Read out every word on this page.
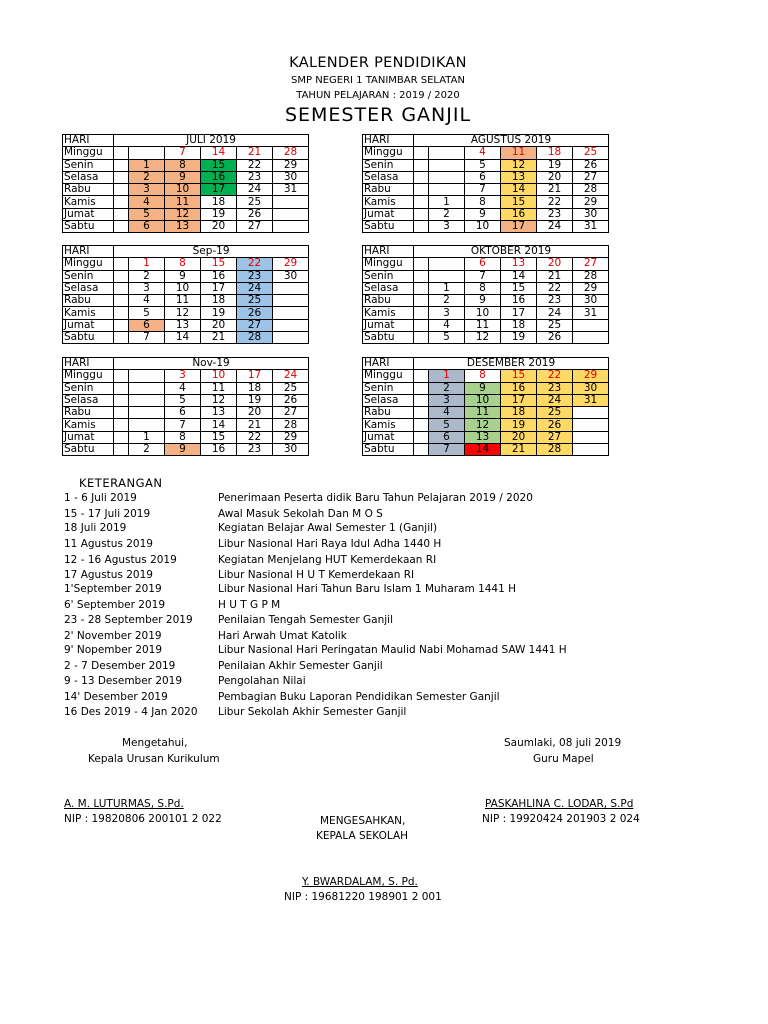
KALENDER PENDIDIKAN
SMP NEGERI 1 TANIMBAR SELATAN
TAHUN PELAJARAN : 2019 / 2020
SEMESTER GANJIL
HARI	JULI 2019					
Minggu			7	14	21	28
Senin		1	8	15	22	29
Selasa		2	9	16	23	30
Rabu		3	10	17	24	31
Kamis		4	11	18	25	
Jumat		5	12	19	26	
Sabtu		6	13	20	27	
HARI	AGUSTUS 2019					
Minggu			4	11	18	25
Senin			5	12	19	26
Selasa			6	13	20	27
Rabu			7	14	21	28
Kamis		1	8	15	22	29
Jumat		2	9	16	23	30
Sabtu		3	10	17	24	31
HARI	Sep-19					
Minggu		1	8	15	22	29
Senin		2	9	16	23	30
Selasa		3	10	17	24	
Rabu		4	11	18	25	
Kamis		5	12	19	26	
Jumat		6	13	20	27	
Sabtu		7	14	21	28	
HARI	OKTOBER 2019					
Minggu			6	13	20	27
Senin			7	14	21	28
Selasa		1	8	15	22	29
Rabu		2	9	16	23	30
Kamis		3	10	17	24	31
Jumat		4	11	18	25	
Sabtu		5	12	19	26	
HARI	Nov-19					
Minggu			3	10	17	24
Senin			4	11	18	25
Selasa			5	12	19	26
Rabu			6	13	20	27
Kamis			7	14	21	28
Jumat		1	8	15	22	29
Sabtu		2	9	16	23	30
HARI	DESEMBER 2019					
Minggu		1	8	15	22	29
Senin		2	9	16	23	30
Selasa		3	10	17	24	31
Rabu		4	11	18	25	
Kamis		5	12	19	26	
Jumat		6	13	20	27	
Sabtu		7	14	21	28	
KETERANGAN
1 - 6 Juli 2019	Penerimaan Peserta didik Baru Tahun Pelajaran 2019 / 2020
15 - 17 Juli 2019	Awal Masuk Sekolah Dan M O S
18 Juli 2019	Kegiatan Belajar Awal Semester 1 (Ganjil)
11 Agustus 2019	Libur Nasional Hari Raya Idul Adha 1440 H
12 - 16 Agustus 2019	Kegiatan Menjelang HUT Kemerdekaan RI
17 Agustus 2019	Libur Nasional H U T Kemerdekaan RI
1'September 2019	Libur Nasional Hari Tahun Baru Islam 1 Muharam 1441 H
6' September 2019	H U T G P M
23 - 28 September 2019 Penilaian Tengah Semester Ganjil
2' November 2019	Hari Arwah Umat Katolik
9' Nopember 2019	Libur Nasional Hari Peringatan Maulid Nabi Mohamad SAW 1441 H
2 - 7 Desember 2019	Penilaian Akhir Semester Ganjil
9 - 13 Desember 2019	Pengolahan Nilai
14' Desember 2019	Pembagian Buku Laporan Pendidikan Semester Ganjil
16 Des 2019 - 4 Jan 2020 Libur Sekolah Akhir Semester Ganjil
Mengetahui,
Kepala Urusan Kurikulum
A. M. LUTURMAS, S.Pd.
NIP : 19820806 200101 2 022
Saumlaki, 08 juli 2019
Guru Mapel
PASKAHLINA C. LODAR, S.Pd
NIP : 19920424 201903 2 024
MENGESAHKAN,
KEPALA SEKOLAH
Y. BWARDALAM, S. Pd.
NIP : 19681220 198901 2 001
